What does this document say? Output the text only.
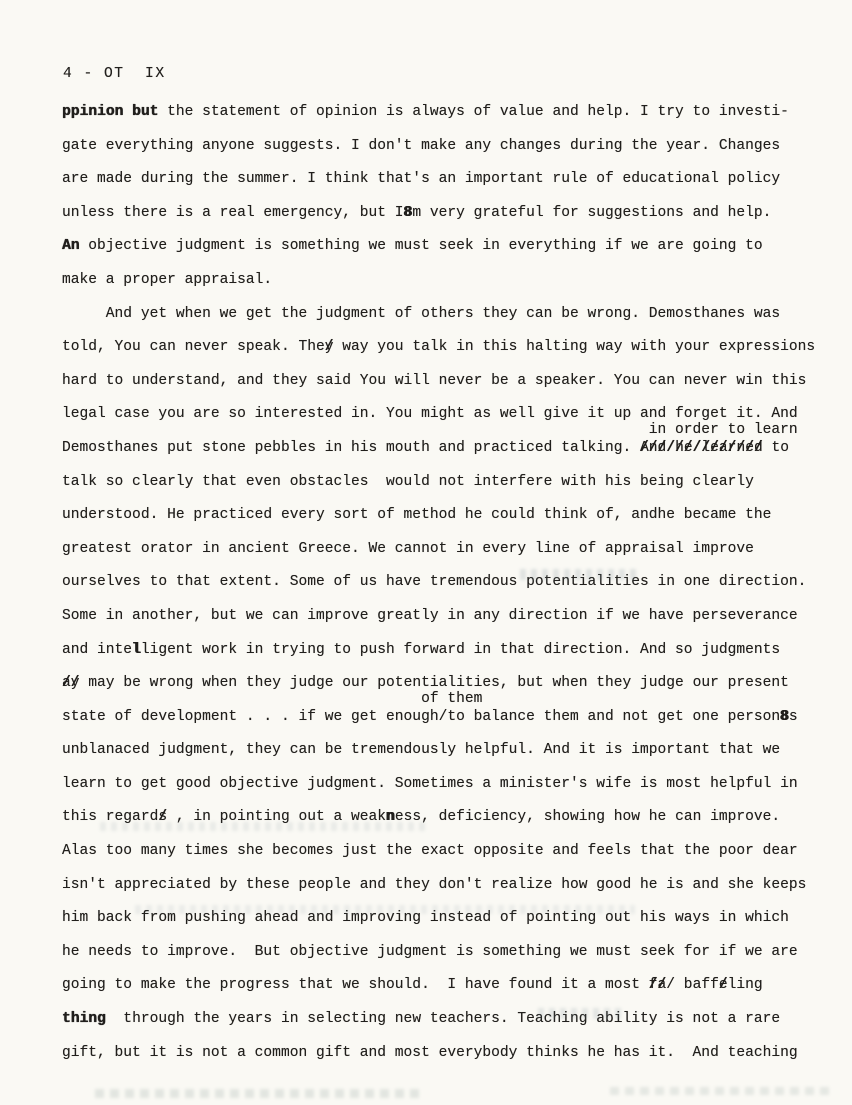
4 - OT  IX
ppinion but the statement of opinion is always of value and help. I try to investi-
gate everything anyone suggests. I don't make any changes during the year. Changes
are made during the summer. I think that's an important rule of educational policy
unless there is a real emergency, but I8m very grateful for suggestions and help.
An objective judgment is something we must seek in everything if we are going to
make a proper appraisal.
And yet when we get the judgment of others they can be wrong. Demosthanes was
told, You can never speak. They / way you talk in this halting way with your expressions
hard to understand, and they said You will never be a speaker. You can never win this
legal case you are so interested in. You might as well give it up and forget it. And
in order to learn
Demosthanes put stone pebbles in his mouth and practiced talking. A /n /d // /h /e // /l /e /a /r /n /e /d / to
talk so clearly that even obstacles  would not interfere with his being clearly
understood. He practiced every sort of method he could think of, andhe became the
greatest orator in ancient Greece. We cannot in every line of appraisal improve
ourselves to that extent. Some of us have tremendous potentialities in one direction.
Some in another, but we can improve greatly in any direction if we have perseverance
and intelligent work in trying to push forward in that direction. And so judgments
a /y / may be wrong when they judge our potentialities, but when they judge our present
of them
state of development . . . if we get enough/to balance them and not get one person8s
unblanaced judgment, they can be tremendously helpful. And it is important that we
learn to get good objective judgment. Sometimes a minister's wife is most helpful in
this regards / , in pointing out a weakness, deficiency, showing how he can improve.
Alas too many times she becomes just the exact opposite and feels that the poor dear
isn't appreciated by these people and they don't realize how good he is and she keeps
him back from pushing ahead and improving instead of pointing out his ways in which
he needs to improve.  But objective judgment is something we must seek for if we are
going to make the progress that we should.  I have found it a most f /a // baffe /ling
thing  through the years in selecting new teachers. Teaching ability is not a rare
gift, but it is not a common gift and most everybody thinks he has it.  And teaching
